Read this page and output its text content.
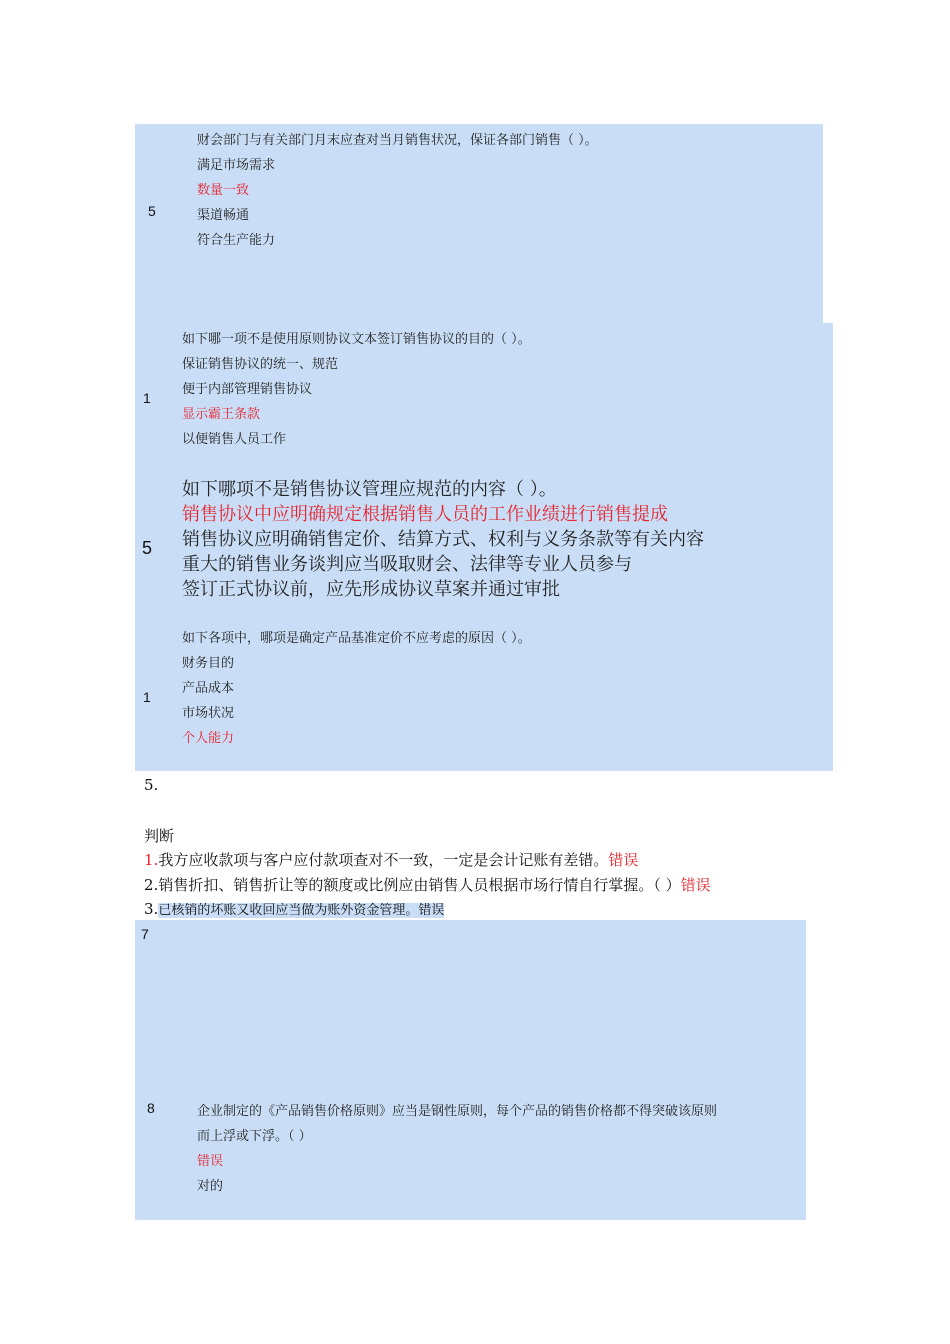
5
财会部门与有关部门月末应查对当月销售状况，保证各部门销售（ ）。
满足市场需求
数量一致
渠道畅通
符合生产能力
1
如下哪一项不是使用原则协议文本签订销售协议的目的（ ）。
保证销售协议的统一、规范
便于内部管理销售协议
显示霸王条款
以便销售人员工作
5
如下哪项不是销售协议管理应规范的内容（ ）。
销售协议中应明确规定根据销售人员的工作业绩进行销售提成
销售协议应明确销售定价、结算方式、权利与义务条款等有关内容
重大的销售业务谈判应当吸取财会、法律等专业人员参与
签订正式协议前，应先形成协议草案并通过审批
1
如下各项中，哪项是确定产品基准定价不应考虑的原因（ ）。
财务目的
产品成本
市场状况
个人能力
5.
判断
1.我方应收款项与客户应付款项查对不一致，一定是会计记账有差错。错误
2.销售折扣、销售折让等的额度或比例应由销售人员根据市场行情自行掌握。（ ）错误
3.已核销的坏账又收回应当做为账外资金管理。错误
7
8	企业制定的《产品销售价格原则》应当是钢性原则，每个产品的销售价格都不得突破该原则
而上浮或下浮。（ ）
错误
对的
